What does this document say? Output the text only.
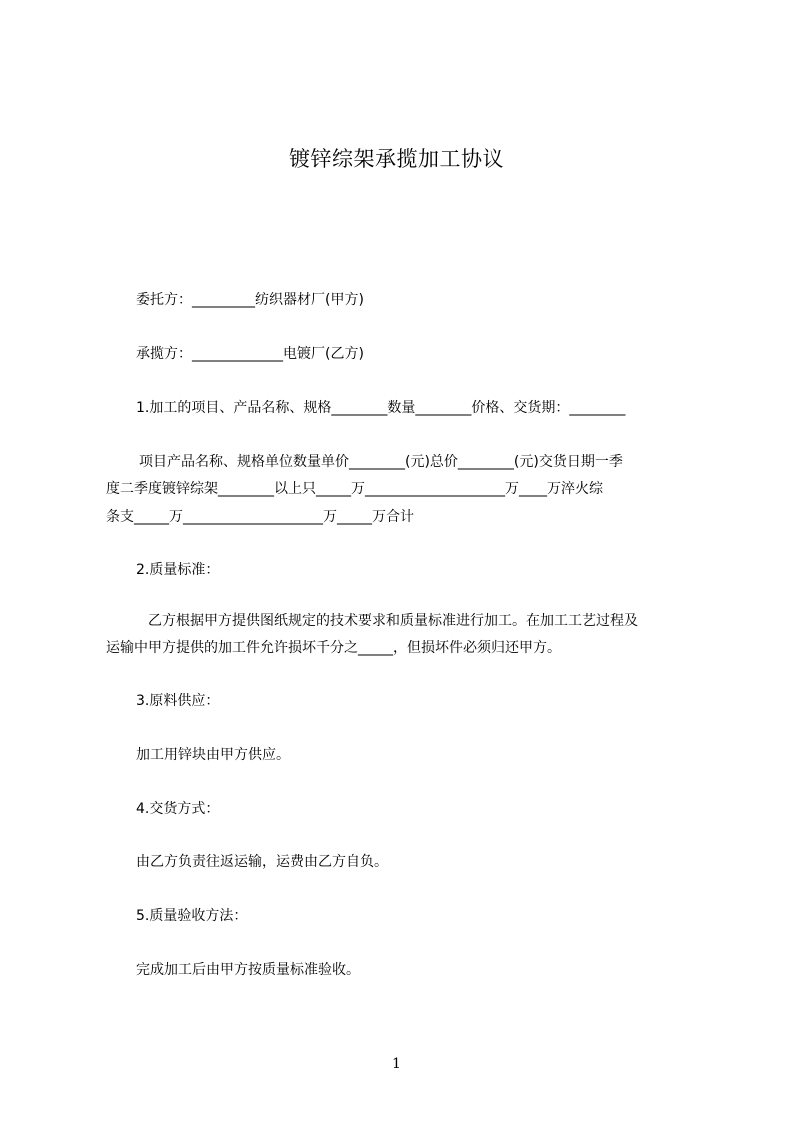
镀锌综架承揽加工协议
委托方：_________纺织器材厂(甲方)
承揽方：_____________电镀厂(乙方)
1.加工的项目、产品名称、规格________数量________价格、交货期：________
项目产品名称、规格单位数量单价________(元)总价________(元)交货日期一季
度二季度镀锌综架________以上只_____万____________________万____万淬火综
条支_____万____________________万_____万合计
2.质量标准：
乙方根据甲方提供图纸规定的技术要求和质量标准进行加工。在加工工艺过程及
运输中甲方提供的加工件允许损坏千分之_____，但损坏件必须归还甲方。
3.原料供应：
加工用锌块由甲方供应。
4.交货方式：
由乙方负责往返运输，运费由乙方自负。
5.质量验收方法：
完成加工后由甲方按质量标准验收。
1
